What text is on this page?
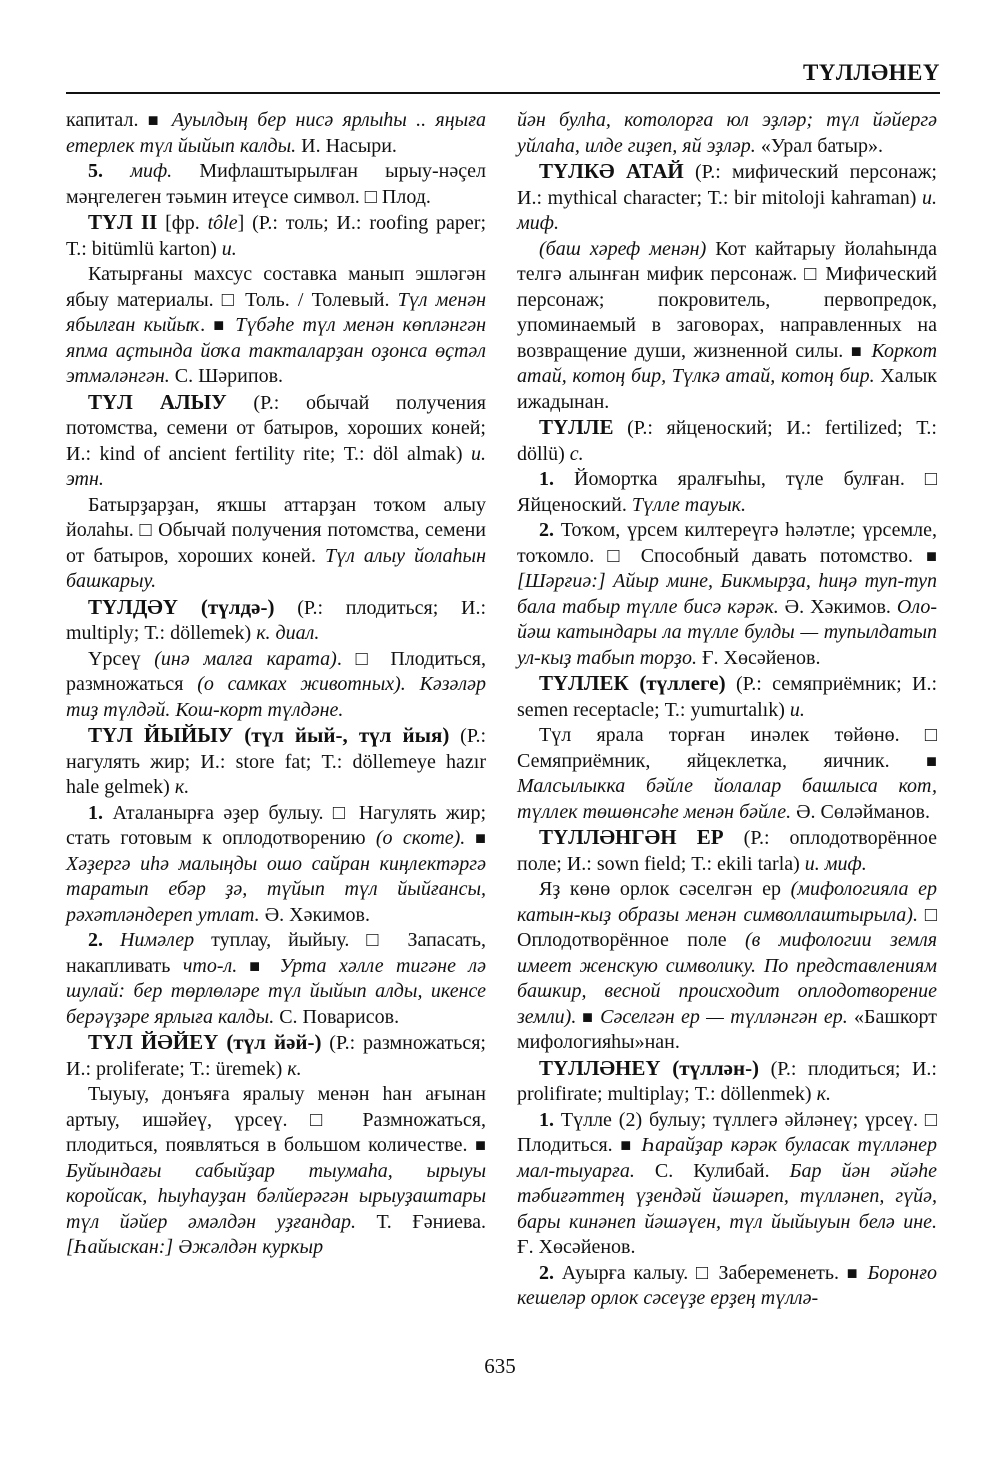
ТҮЛЛӘНЕҮ

капитал. ■ Ауылдың бер нисә ярлыһы .. яңығa етерлек түл йыйып калды. И. Насыри.

5. миф. Мифлаштырылған ырыу-нәçел мәңгелеген тәьмин итеүсе символ. □ Плод.

ТҮЛ II [фр. tôle] (Р.: толь; И.: roofing paper; Т.: bitümlü karton) и.

Катырғаны махсус составка манып эшләгән ябыу материалы. □ Толь. / Толевый. Түл менән ябылған кыйыҡ. ■ Түбәһе түл менән көпләнгән япма аҫтында йоҡа тактaларҙан оҙонса өҫтәл этмәләнгән. С. Шәрипов.

ТҮЛ АЛЫУ (Р.: обычай получения потомства, семени от батыров, хороших коней; И.: kind of ancient fertility rite; Т.: döl almak) и. этн.

Батырҙарҙан, яҡшы аттарҙан тоҡом алыу йолаһы. □ Обычай получения потомства, семени от батыров, хороших коней. Түл алыу йолаһын башкарыу.

ТҮЛДӘҮ (түлдә-) (Р.: плодиться; И.: multiply; Т.: döllemek) к. диал.

Үрсеү (инә малға карата). □ Плодиться, размножаться (о самках животных). Кәзәләр тиҙ түлдәй. Кош-корт түлдәне.

ТҮЛ ЙЫЙЫУ (түл йый-, түл йыя) (Р.: нагулять жир; И.: store fat; Т.: döllemeye hazır hale gelmek) к.

1. Аталанырға әҙер булыу. □ Нагулять жир; стать готовым к оплодотворению (о скоте). ■ Хәҙергә иһә малыңды ошо сайран киңлектәргә таратып ебәр ҙә, түйып түл йыйғансы, рәхәтләндереп утлат. Ә. Хәкимов.

2. Нимәлер туплау, йыйыу. □ Запасать, накапливать что-л. ■ Урта хәлле тигәне лә шулай: бер төрлөләре түл йыйып алды, икенсе берәүҙәре ярлыға калды. С. Поварисов.

ТҮЛ ЙӘЙЕҮ (түл йәй-) (Р.: размножаться; И.: proliferate; Т.: üremek) к.

Тыуыу, донъяға яралыу менән һан ағынан артыу, ишәйеү, үрсеү. □ Размножаться, плодиться, появляться в большом количестве. ■ Буйындағы сабыйҙар тыумаһа, ырыуы коройсак, һыуһауҙан бәлйерәгән ырыуҙаштары түл йәйер әмәлдән уҙғандар. Т. Ғәниева. [Һайыскан:] Әжәлдән куркыр

йән булһа, котолорға юл эҙләр; түл йәйергә уйлаһа, илде гиҙеп, яй эҙләр. «Урал батыр».

ТҮЛКӘ АТАЙ (Р.: мифический персонаж; И.: mythical character; Т.: bir mitoloji kahraman) и. миф.

(баш хәреф менән) Кот кайтарыу йолаһында телгә алынған мифик персонаж. □ Мифический персонаж; покровитель, первопредок, упоминаемый в заговорах, направленных на возвращение души, жизненной силы. ■ Коркот атай, котоң бир, Түлкә атай, котоң бир. Халык ижадынан.

ТҮЛЛЕ (Р.: яйценоский; И.: fertilized; Т.: döllü) с.

1. Йомортка яралғыһы, түле булған. □ Яйценоский. Түлле тауык.

2. Тоҡом, үрсем килтереүгә һәләтле; үрсемле, тоҡомло. □ Способный давать потомство. ■ [Шәрғиә:] Айыр мине, Бикмырҙа, һиңә туп-туп бала табыр түлле бисә кәрәк. Ә. Хәкимов. Оло-йәш катындары ла түлле булды — тупылдатып ул-кыҙ табып торҙо. Ғ. Хөсәйенов.

ТҮЛЛЕК (түллеге) (Р.: семяприёмник; И.: semen receptacle; Т.: yumurtalık) и.

Түл ярала торған инәлек төйөнө. □ Семяприёмник, яйцеклетка, яичник. ■ Малсылыкка бәйле йолалар башлыса кот, түллек төшөнсәһе менән бәйле. Ә. Сөләйманов.

ТҮЛЛӘНГӘН ЕР (Р.: оплодотворённое поле; И.: sown field; Т.: ekili tarla) и. миф.

Яҙ көнө орлок сәселгән ер (мифологияла ер катын-кыҙ образы менән символлаштырыла). □ Оплодотворённое поле (в мифологии земля имеет женскую символику. По представлениям башкир, весной происходит оплодотворение земли). ■ Сәселгән ер — түлләнгән ер. «Башкорт мифологияһы»нан.

ТҮЛЛӘНЕҮ (түллән-) (Р.: плодиться; И.: prolifirate; multiplay; Т.: döllenmek) к.

1. Түлле (2) булыу; түллегә әйләнеү; үрсеү. □ Плодиться. ■ Һарайҙар кәрәк буласак түлләнер мал-тыуарға. С. Кулибай. Бар йән әйәһе тәбиғәттең үҙендәй йәшәреп, түлләнеп, гүйә, бары кинәнеп йәшәүен, түл йыйыуын белә ине. Ғ. Хөсәйенов.

2. Ауырға калыу. □ Забеременеть. ■ Боронғо кешеләр орлок сәсеүҙе ерҙең түллә-

635
